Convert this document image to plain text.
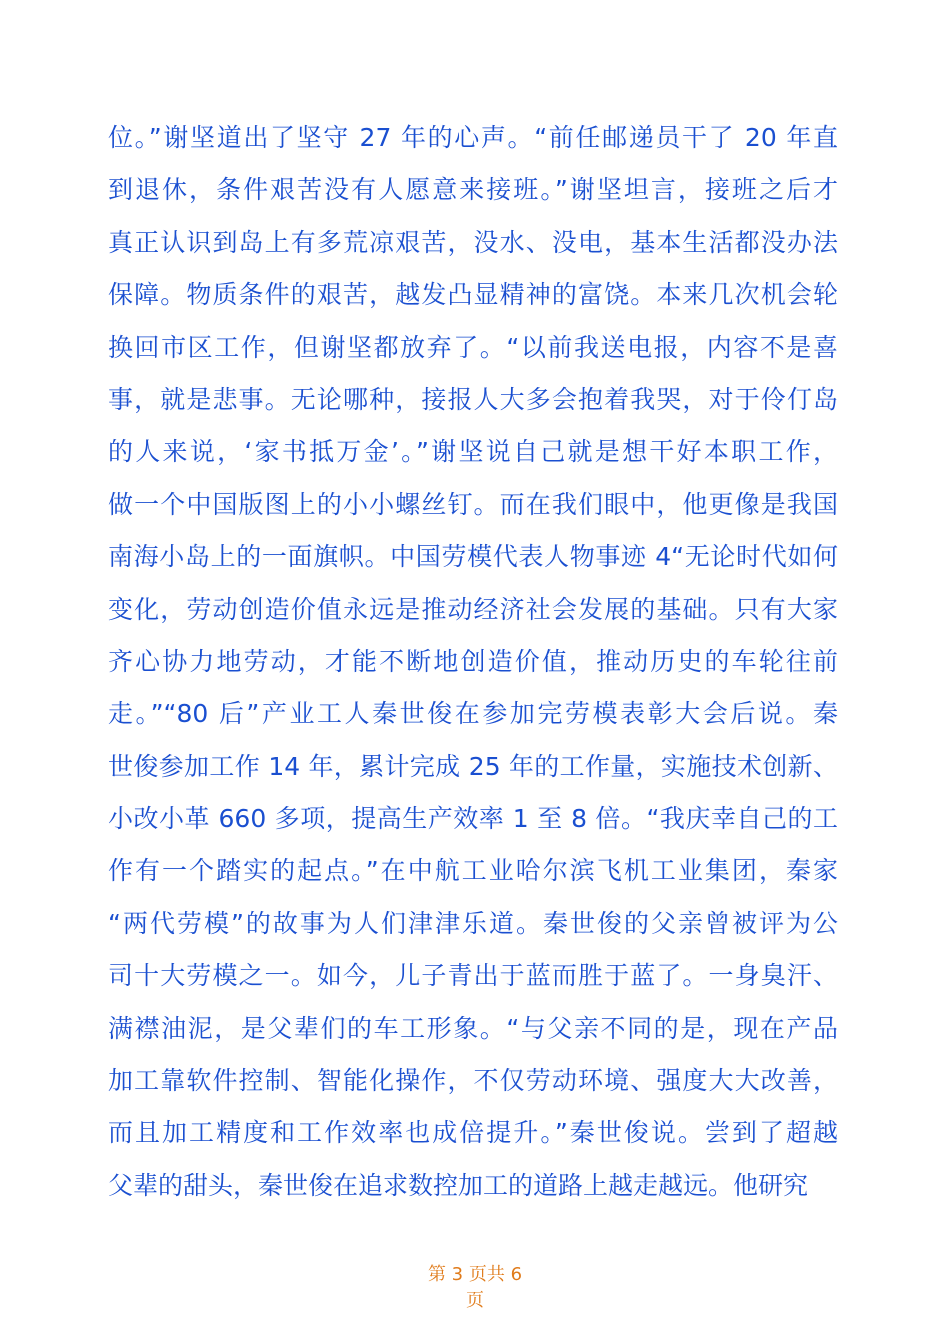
位。”谢坚道出了坚守 27 年的心声。“前任邮递员干了 20 年直
到退休，条件艰苦没有人愿意来接班。”谢坚坦言，接班之后才
真正认识到岛上有多荒凉艰苦，没水、没电，基本生活都没办法
保障。物质条件的艰苦，越发凸显精神的富饶。本来几次机会轮
换回市区工作，但谢坚都放弃了。“以前我送电报，内容不是喜
事，就是悲事。无论哪种，接报人大多会抱着我哭，对于伶仃岛
的人来说，‘家书抵万金’。”谢坚说自己就是想干好本职工作，
做一个中国版图上的小小螺丝钉。而在我们眼中，他更像是我国
南海小岛上的一面旗帜。中国劳模代表人物事迹 4“无论时代如何
变化，劳动创造价值永远是推动经济社会发展的基础。只有大家
齐心协力地劳动，才能不断地创造价值，推动历史的车轮往前
走。”“80 后”产业工人秦世俊在参加完劳模表彰大会后说。秦
世俊参加工作 14 年，累计完成 25 年的工作量，实施技术创新、
小改小革 660 多项，提高生产效率 1 至 8 倍。“我庆幸自己的工
作有一个踏实的起点。”在中航工业哈尔滨飞机工业集团，秦家
“两代劳模”的故事为人们津津乐道。秦世俊的父亲曾被评为公
司十大劳模之一。如今，儿子青出于蓝而胜于蓝了。一身臭汗、
满襟油泥，是父辈们的车工形象。“与父亲不同的是，现在产品
加工靠软件控制、智能化操作，不仅劳动环境、强度大大改善，
而且加工精度和工作效率也成倍提升。”秦世俊说。尝到了超越
父辈的甜头，秦世俊在追求数控加工的道路上越走越远。他研究
第 3 页共 6
页
